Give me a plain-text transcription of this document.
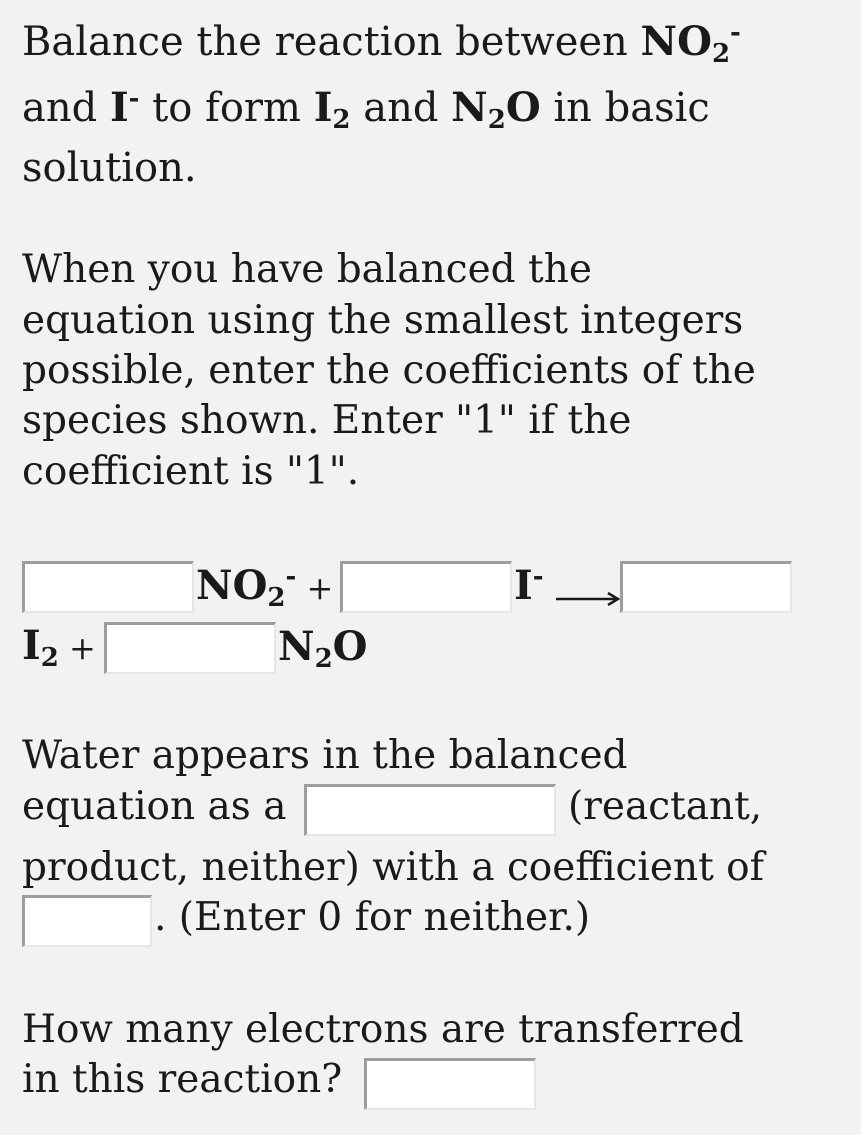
Balance the reaction between $NO_2^-$
and I- to form $I_2$ and $N_2O$ in basic
solution.
When you have balanced the
equation using the smallest integers
possible, enter the coefficients of the
species shown. Enter "1" if the
coefficient is "1".
$NO_2^-$ +	I-
$I_2$ +	$N_2O$
Water appears in the balanced
equation as a	(reactant,
product, neither) with a coefficient of
. (Enter 0 for neither.)
How many electrons are transferred
in this reaction?
